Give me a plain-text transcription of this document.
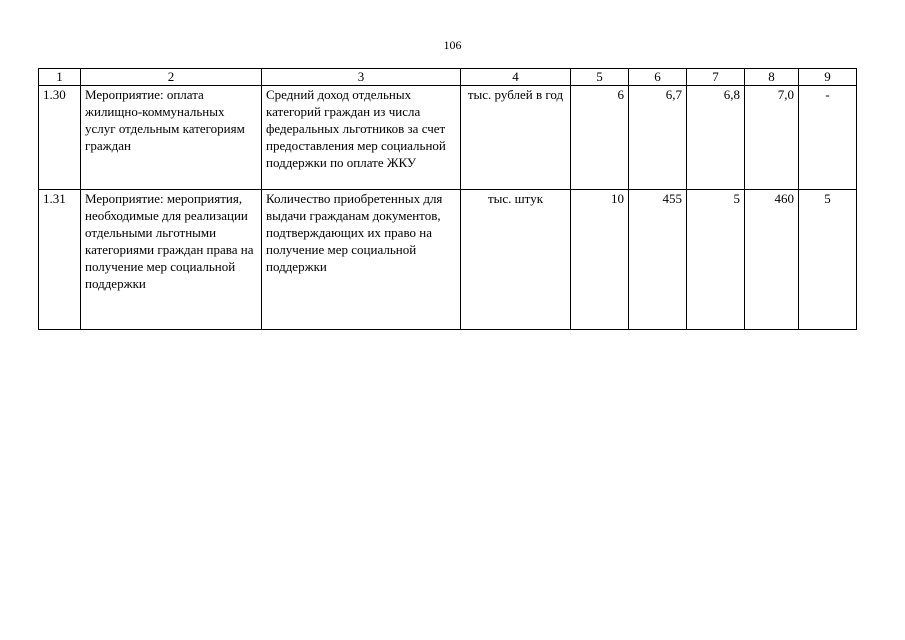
106
1	2	3	4	5	6	7	8	9
1.30	Мероприятие: оплата жилищно-коммунальных услуг отдельным категориям граждан	Средний доход отдельных категорий граждан из числа федеральных льготников за счет предоставления мер социальной поддержки по оплате ЖКУ	тыс. рублей в год	6	6,7	6,8	7,0	-
1.31	Мероприятие: мероприятия, необходимые для реализации отдельными льготными категориями граждан права на получение мер социальной поддержки	Количество приобретенных для выдачи гражданам документов, подтверждающих их право на получение мер социальной поддержки	тыс. штук	10	455	5	460	5
